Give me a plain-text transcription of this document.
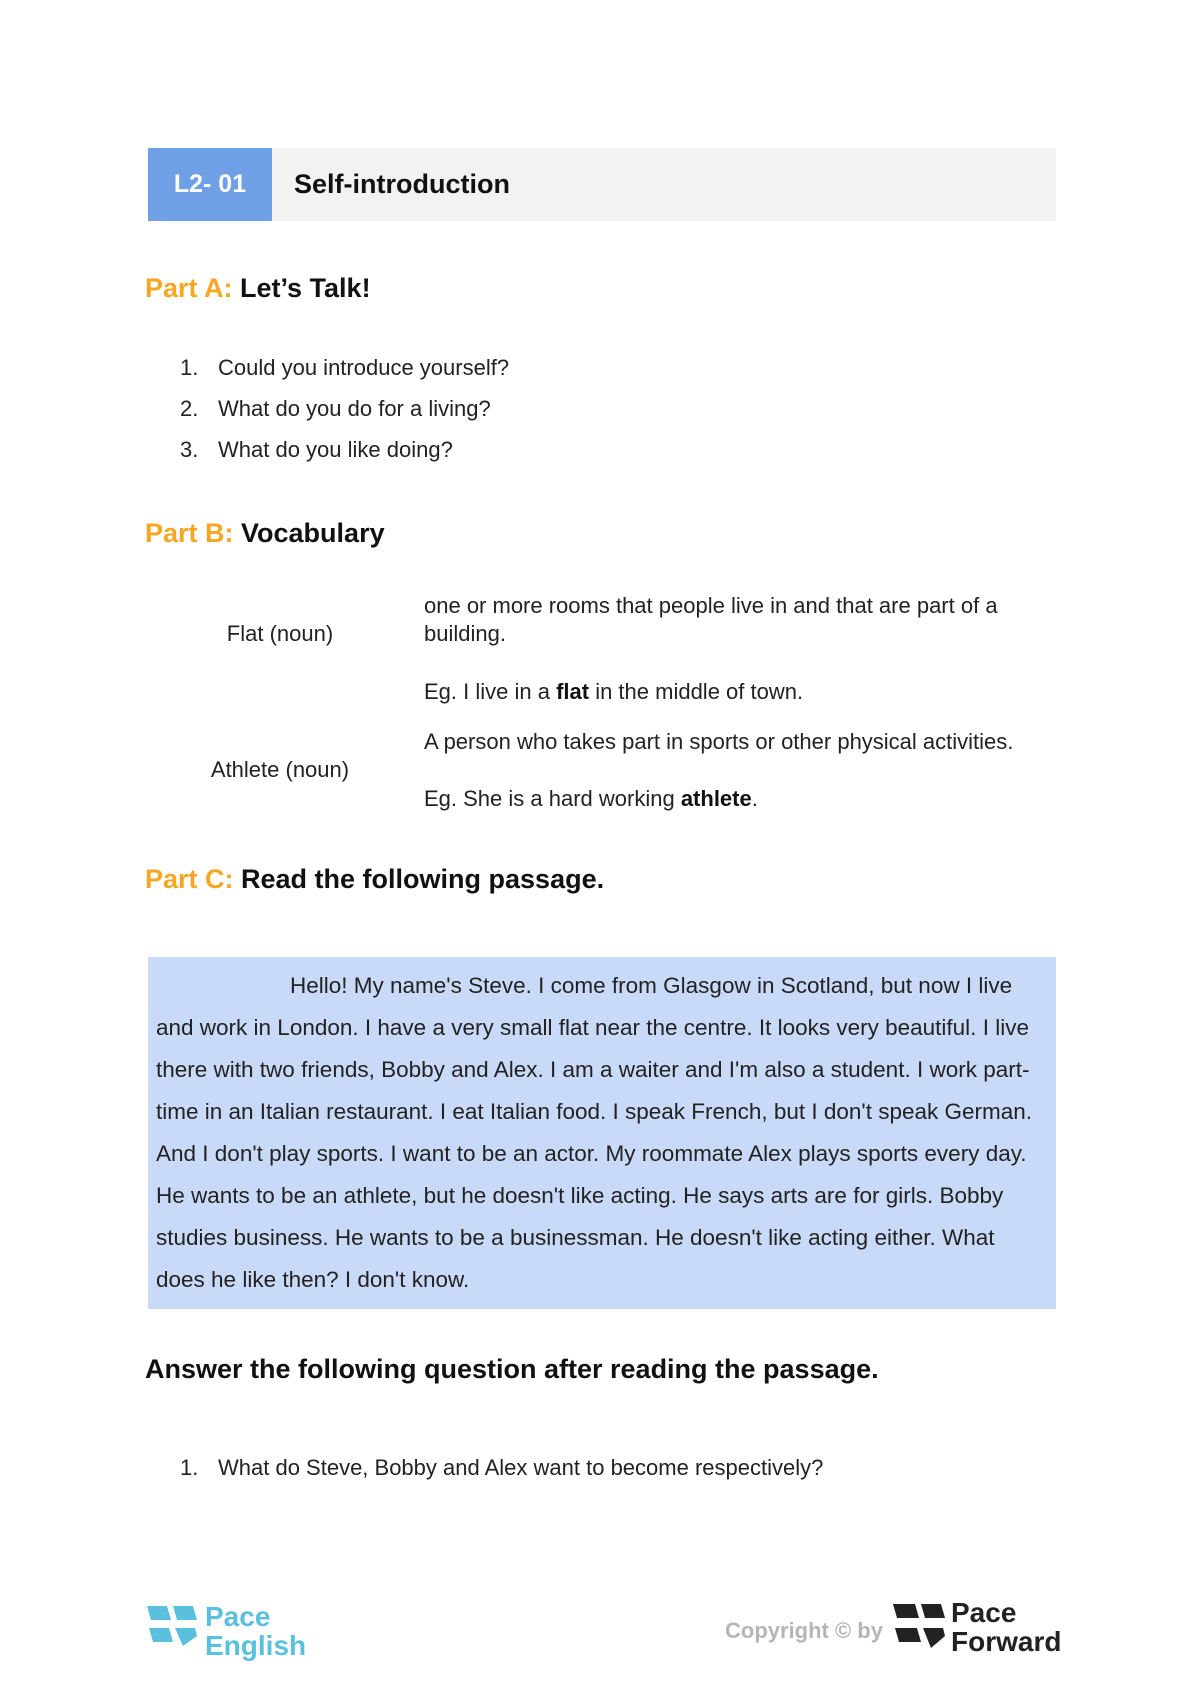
L2- 01	Self-introduction
Part A: Let’s Talk!
1. Could you introduce yourself?
2. What do you do for a living?
3. What do you like doing?
Part B: Vocabulary
Flat (noun)
one or more rooms that people live in and that are part of a building.
Eg. I live in a flat in the middle of town.
Athlete (noun)
A person who takes part in sports or other physical activities.
Eg. She is a hard working athlete.
Part C: Read the following passage.

Hello! My name's Steve. I come from Glasgow in Scotland, but now I live and work in London. I have a very small flat near the centre. It looks very beautiful. I live there with two friends, Bobby and Alex. I am a waiter and I'm also a student. I work part-time in an Italian restaurant. I eat Italian food. I speak French, but I don't speak German. And I don't play sports. I want to be an actor. My roommate Alex plays sports every day. He wants to be an athlete, but he doesn't like acting. He says arts are for girls. Bobby studies business. He wants to be a businessman. He doesn't like acting either. What does he like then? I don't know.

Answer the following question after reading the passage.
1. What do Steve, Bobby and Alex want to become respectively?
Pace
English	Copyright © by
Pace
Forward
